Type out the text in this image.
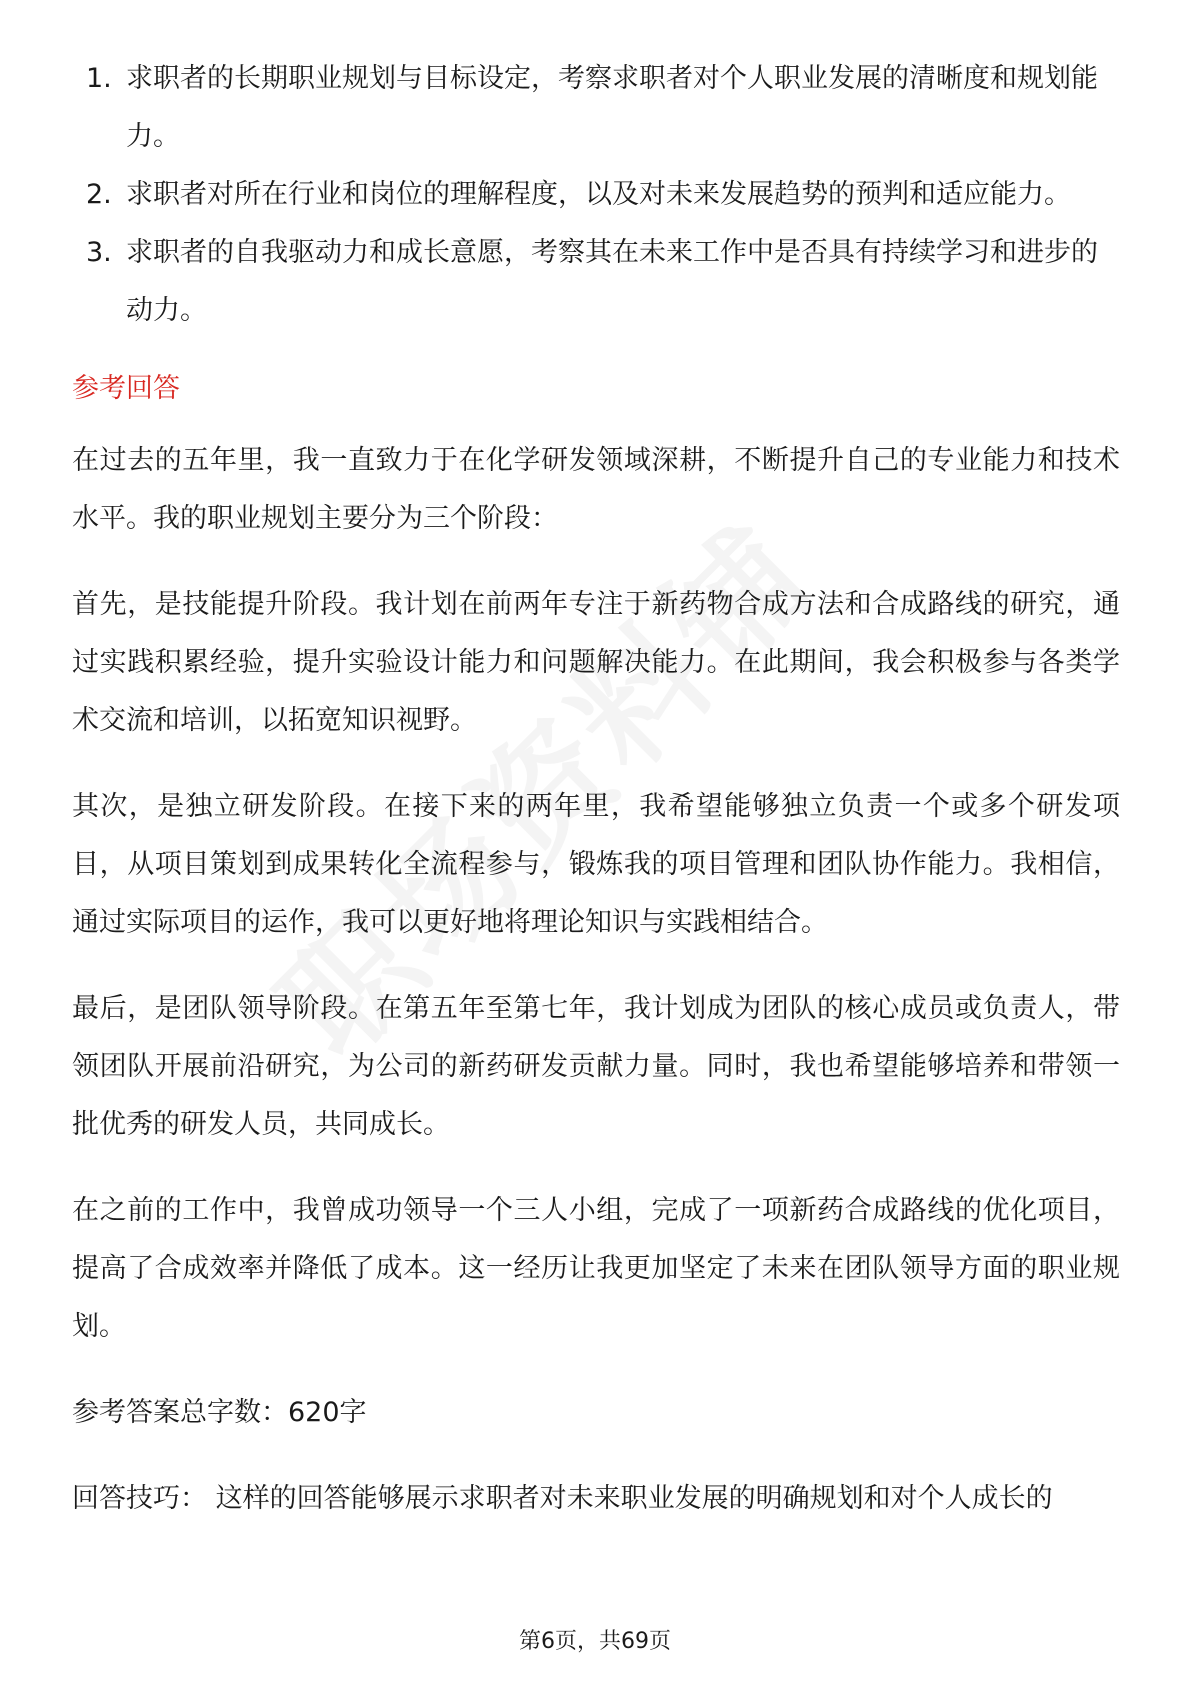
1. 求职者的长期职业规划与目标设定，考察求职者对个人职业发展的清晰度和规划能力。
2. 求职者对所在行业和岗位的理解程度，以及对未来发展趋势的预判和适应能力。
3. 求职者的自我驱动力和成长意愿，考察其在未来工作中是否具有持续学习和进步的动力。
参考回答

在过去的五年里，我一直致力于在化学研发领域深耕，不断提升自己的专业能力和技术水平。我的职业规划主要分为三个阶段：

首先，是技能提升阶段。我计划在前两年专注于新药物合成方法和合成路线的研究，通过实践积累经验，提升实验设计能力和问题解决能力。在此期间，我会积极参与各类学术交流和培训，以拓宽知识视野。

其次，是独立研发阶段。在接下来的两年里，我希望能够独立负责一个或多个研发项目，从项目策划到成果转化全流程参与，锻炼我的项目管理和团队协作能力。我相信，通过实际项目的运作，我可以更好地将理论知识与实践相结合。

最后，是团队领导阶段。在第五年至第七年，我计划成为团队的核心成员或负责人，带领团队开展前沿研究，为公司的新药研发贡献力量。同时，我也希望能够培养和带领一批优秀的研发人员，共同成长。

在之前的工作中，我曾成功领导一个三人小组，完成了一项新药合成路线的优化项目，提高了合成效率并降低了成本。这一经历让我更加坚定了未来在团队领导方面的职业规划。

参考答案总字数：620字

回答技巧： 这样的回答能够展示求职者对未来职业发展的明确规划和对个人成长的

第6页，共69页
